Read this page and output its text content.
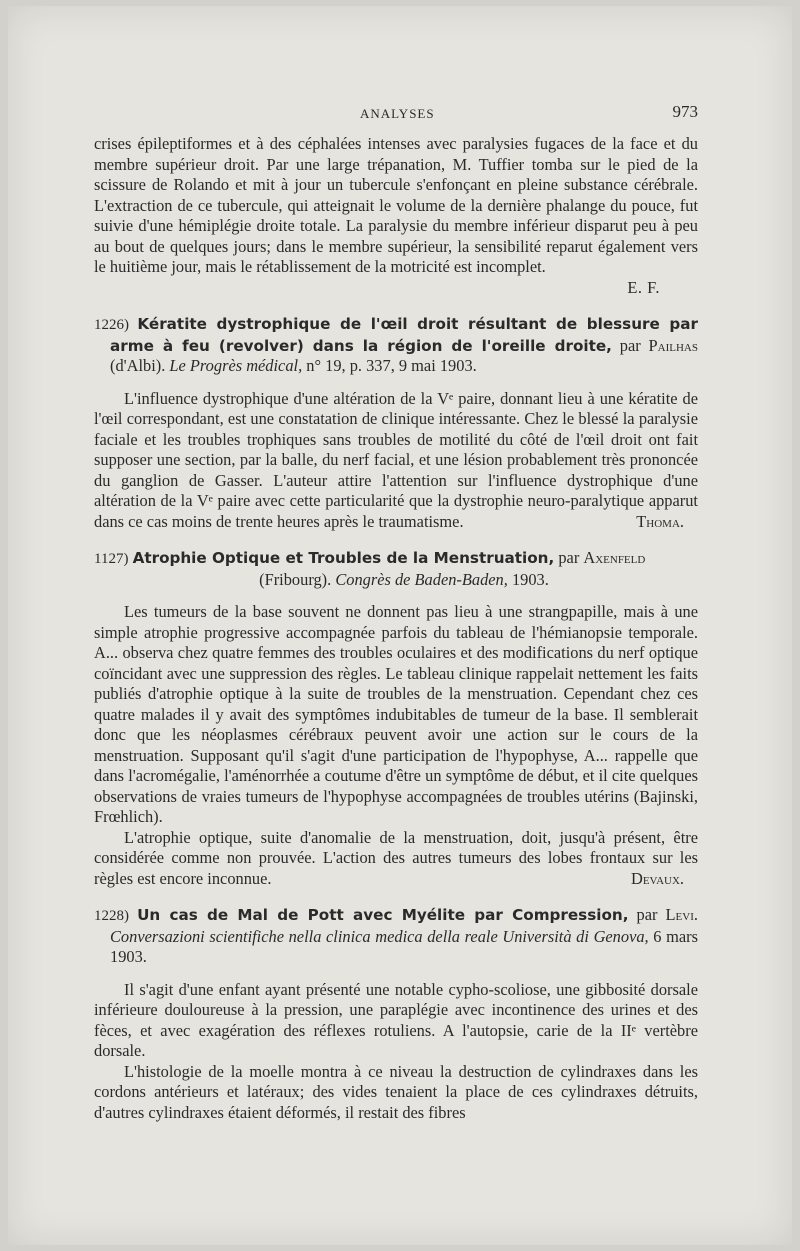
ANALYSES	973

crises épileptiformes et à des céphalées intenses avec paralysies fugaces de la face et du membre supérieur droit. Par une large trépanation, M. Tuffier tomba sur le pied de la scissure de Rolando et mit à jour un tubercule s'enfonçant en pleine substance cérébrale. L'extraction de ce tubercule, qui atteignait le volume de la dernière phalange du pouce, fut suivie d'une hémiplégie droite totale. La paralysie du membre inférieur disparut peu à peu au bout de quelques jours; dans le membre supérieur, la sensibilité reparut également vers le huitième jour, mais le rétablissement de la motricité est incomplet.

E. F.

1226) Kératite dystrophique de l'œil droit résultant de blessure par arme à feu (revolver) dans la région de l'oreille droite, par Pailhas (d'Albi). Le Progrès médical, n° 19, p. 337, 9 mai 1903.

L'influence dystrophique d'une altération de la Vᵉ paire, donnant lieu à une kératite de l'œil correspondant, est une constatation de clinique intéressante. Chez le blessé la paralysie faciale et les troubles trophiques sans troubles de motilité du côté de l'œil droit ont fait supposer une section, par la balle, du nerf facial, et une lésion probablement très prononcée du ganglion de Gasser. L'auteur attire l'attention sur l'influence dystrophique d'une altération de la Vᵉ paire avec cette particularité que la dystrophie neuro-paralytique apparut dans ce cas moins de trente heures après le traumatisme.	Thoma.

1127) Atrophie Optique et Troubles de la Menstruation, par Axenfeld
(Fribourg). Congrès de Baden-Baden, 1903.

Les tumeurs de la base souvent ne donnent pas lieu à une strangpapille, mais à une simple atrophie progressive accompagnée parfois du tableau de l'hémianopsie temporale. A... observa chez quatre femmes des troubles oculaires et des modifications du nerf optique coïncidant avec une suppression des règles. Le tableau clinique rappelait nettement les faits publiés d'atrophie optique à la suite de troubles de la menstruation. Cependant chez ces quatre malades il y avait des symptômes indubitables de tumeur de la base. Il semblerait donc que les néoplasmes cérébraux peuvent avoir une action sur le cours de la menstruation. Supposant qu'il s'agit d'une participation de l'hypophyse, A... rappelle que dans l'acromégalie, l'aménorrhée a coutume d'être un symptôme de début, et il cite quelques observations de vraies tumeurs de l'hypophyse accompagnées de troubles utérins (Bajinski, Frœhlich).

L'atrophie optique, suite d'anomalie de la menstruation, doit, jusqu'à présent, être considérée comme non prouvée. L'action des autres tumeurs des lobes frontaux sur les règles est encore inconnue.	Devaux.

1228) Un cas de Mal de Pott avec Myélite par Compression, par Levi. Conversazioni scientifiche nella clinica medica della reale Università di Genova, 6 mars 1903.

Il s'agit d'une enfant ayant présenté une notable cypho-scoliose, une gibbosité dorsale inférieure douloureuse à la pression, une paraplégie avec incontinence des urines et des fèces, et avec exagération des réflexes rotuliens. A l'autopsie, carie de la IIᵉ vertèbre dorsale.

L'histologie de la moelle montra à ce niveau la destruction de cylindraxes dans les cordons antérieurs et latéraux; des vides tenaient la place de ces cylindraxes détruits, d'autres cylindraxes étaient déformés, il restait des fibres
